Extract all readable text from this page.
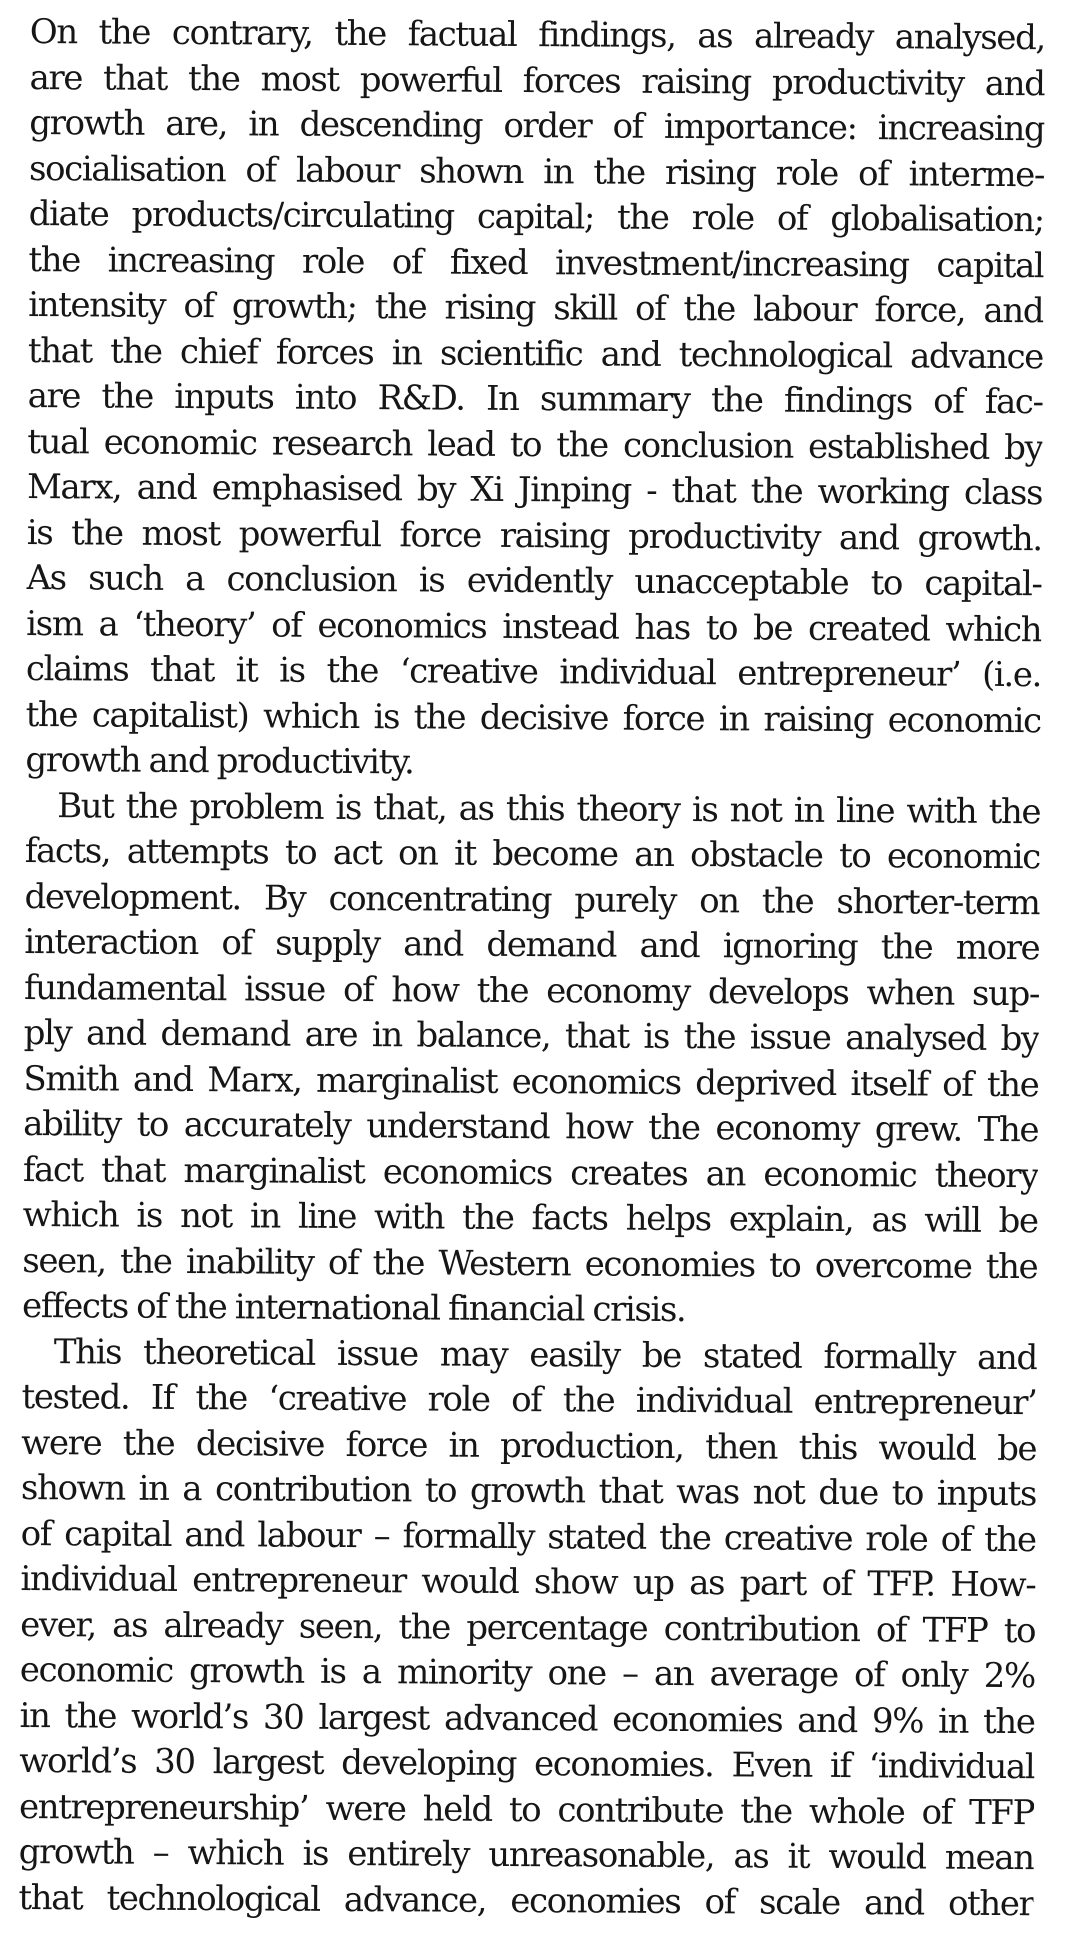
On the contrary, the factual findings, as already analysed,
are that the most powerful forces raising productivity and
growth are, in descending order of importance: increasing
socialisation of labour shown in the rising role of interme-
diate products/circulating capital; the role of globalisation;
the increasing role of fixed investment/increasing capital
intensity of growth; the rising skill of the labour force, and
that the chief forces in scientific and technological advance
are the inputs into R&D. In summary the findings of fac-
tual economic research lead to the conclusion established by
Marx, and emphasised by Xi Jinping - that the working class
is the most powerful force raising productivity and growth.
As such a conclusion is evidently unacceptable to capital-
ism a ‘theory’ of economics instead has to be created which
claims that it is the ‘creative individual entrepreneur’ (i.e.
the capitalist) which is the decisive force in raising economic
growth and productivity.
But the problem is that, as this theory is not in line with the
facts, attempts to act on it become an obstacle to economic
development. By concentrating purely on the shorter-term
interaction of supply and demand and ignoring the more
fundamental issue of how the economy develops when sup-
ply and demand are in balance, that is the issue analysed by
Smith and Marx, marginalist economics deprived itself of the
ability to accurately understand how the economy grew. The
fact that marginalist economics creates an economic theory
which is not in line with the facts helps explain, as will be
seen, the inability of the Western economies to overcome the
effects of the international financial crisis.
This theoretical issue may easily be stated formally and
tested. If the ‘creative role of the individual entrepreneur’
were the decisive force in production, then this would be
shown in a contribution to growth that was not due to inputs
of capital and labour – formally stated the creative role of the
individual entrepreneur would show up as part of TFP. How-
ever, as already seen, the percentage contribution of TFP to
economic growth is a minority one – an average of only 2%
in the world’s 30 largest advanced economies and 9% in the
world’s 30 largest developing economies. Even if ‘individual
entrepreneurship’ were held to contribute the whole of TFP
growth – which is entirely unreasonable, as it would mean
that technological advance, economies of scale and other
